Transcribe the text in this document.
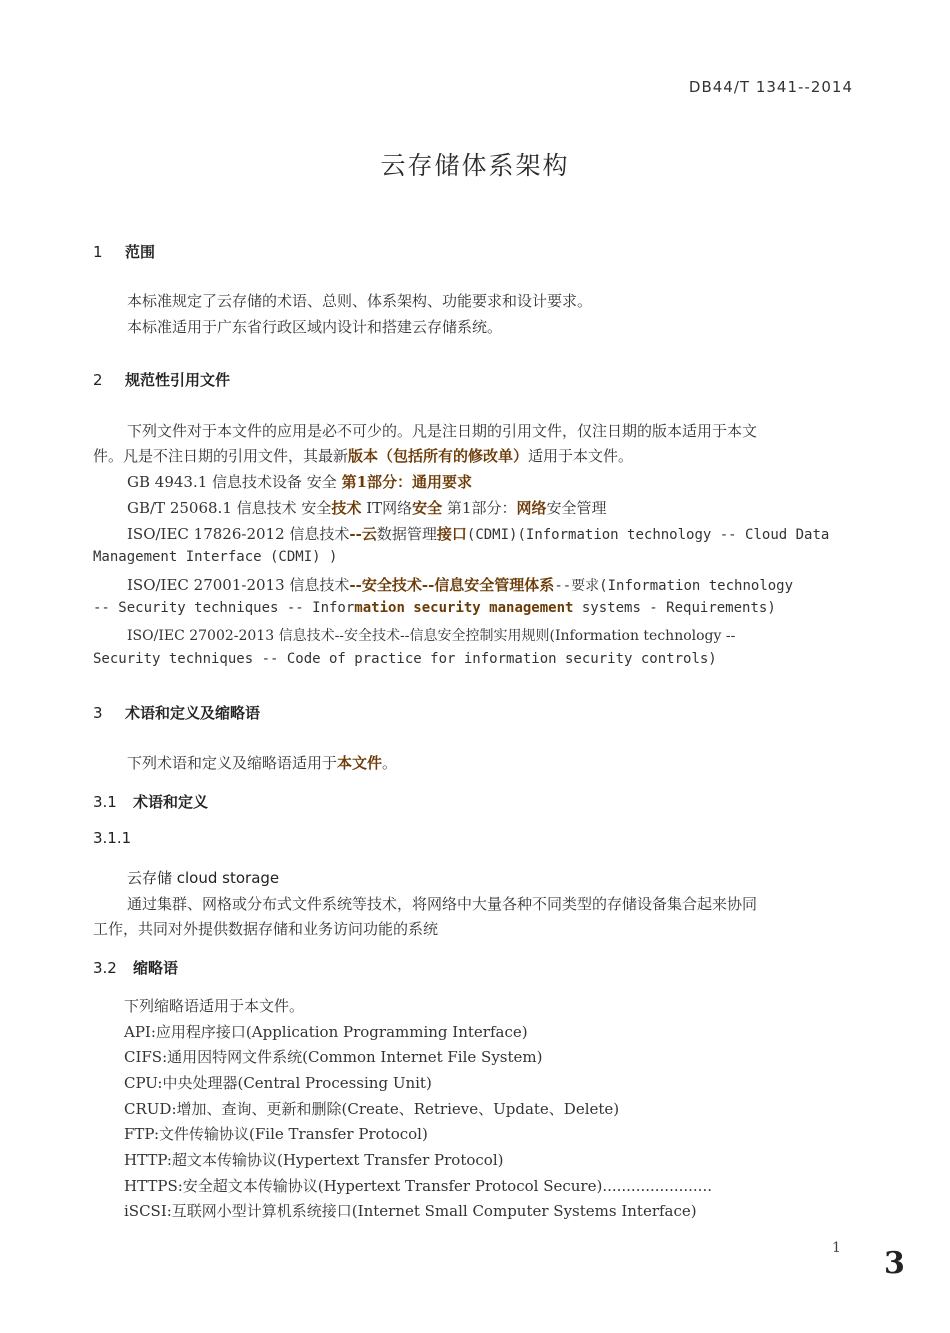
DB44/T 1341--2014
云存储体系架构
1 范围
本标准规定了云存储的术语、总则、体系架构、功能要求和设计要求。
本标准适用于广东省行政区域内设计和搭建云存储系统。
2 规范性引用文件
下列文件对于本文件的应用是必不可少的。凡是注日期的引用文件，仅注日期的版本适用于本文
件。凡是不注日期的引用文件，其最新版本（包括所有的修改单）适用于本文件。
GB 4943.1 信息技术设备 安全 第1部分：通用要求
GB/T 25068.1 信息技术 安全技术 IT网络安全 第1部分：网络安全管理
ISO/IEC 17826-2012 信息技术--云数据管理接口(CDMI)(Information technology -- Cloud Data
Management Interface (CDMI) )
ISO/IEC 27001-2013 信息技术--安全技术--信息安全管理体系--要求(Information technology
-- Security techniques -- Information security management systems - Requirements)
ISO/IEC 27002-2013 信息技术--安全技术--信息安全控制实用规则(Information technology --
Security techniques -- Code of practice for information security controls)
3 术语和定义及缩略语
下列术语和定义及缩略语适用于本文件。
3.1 术语和定义
3.1.1
云存储 cloud storage
通过集群、网格或分布式文件系统等技术，将网络中大量各种不同类型的存储设备集合起来协同
工作，共同对外提供数据存储和业务访问功能的系统
3.2 缩略语
下列缩略语适用于本文件。
API:应用程序接口(Application Programming Interface)
CIFS:通用因特网文件系统(Common Internet File System)
CPU:中央处理器(Central Processing Unit)
CRUD:增加、查询、更新和删除(Create、Retrieve、Update、Delete)
FTP:文件传输协议(File Transfer Protocol)
HTTP:超文本传输协议(Hypertext Transfer Protocol)
HTTPS:安全超文本传输协议(Hypertext Transfer Protocol Secure).......................
iSCSI:互联网小型计算机系统接口(Internet Small Computer Systems Interface)
1 3
